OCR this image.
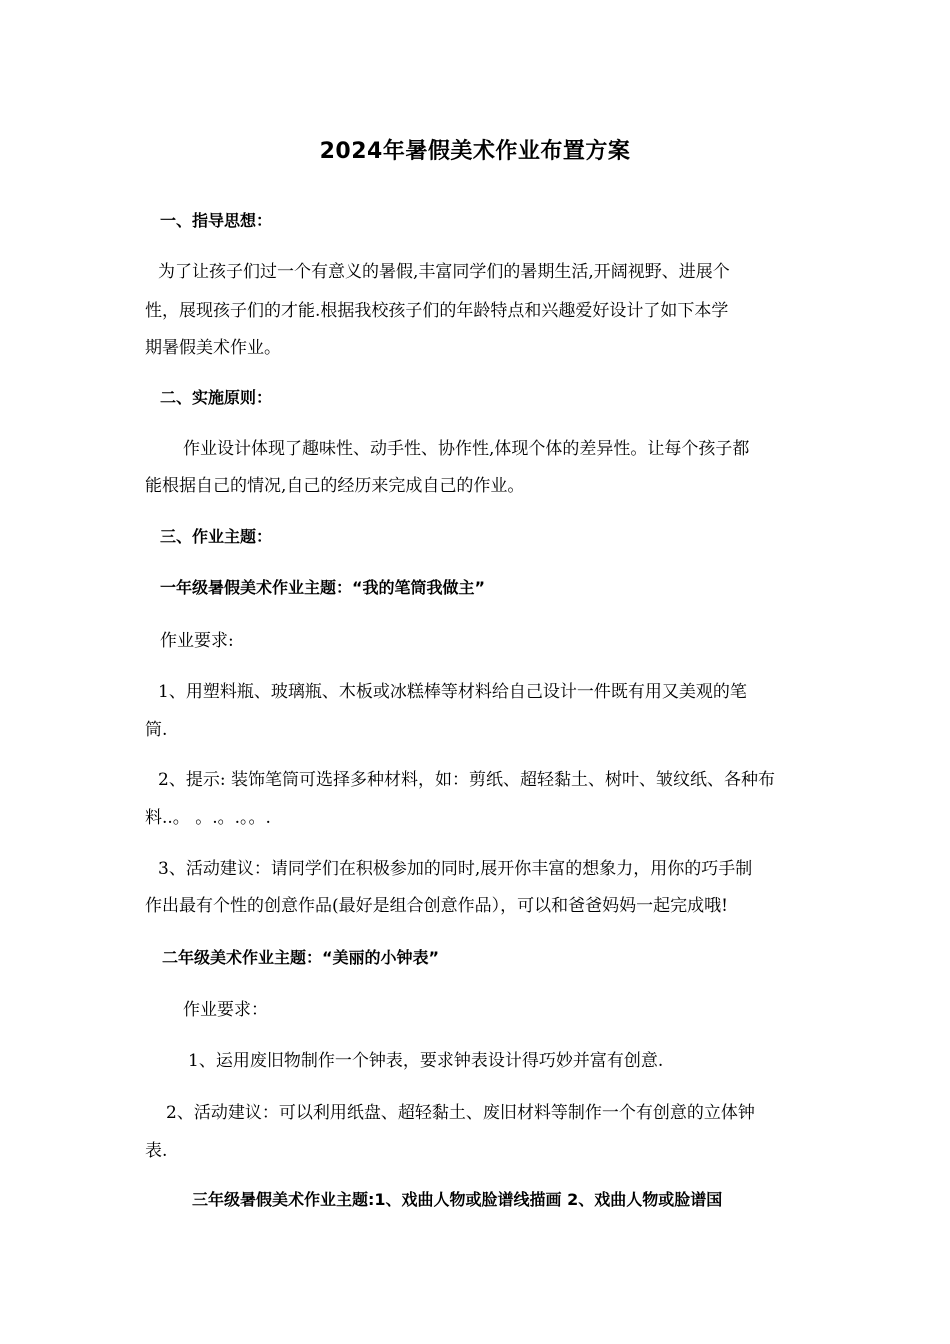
2024年暑假美术作业布置方案
一、指导思想：
为了让孩子们过一个有意义的暑假,丰富同学们的暑期生活,开阔视野、进展个
性，展现孩子们的才能.根据我校孩子们的年龄特点和兴趣爱好设计了如下本学
期暑假美术作业。
二、实施原则：
作业设计体现了趣味性、动手性、协作性,体现个体的差异性。让每个孩子都
能根据自己的情况,自己的经历来完成自己的作业。
三、作业主题：
一年级暑假美术作业主题：“我的笔筒我做主”
作业要求:
1、用塑料瓶、玻璃瓶、木板或冰糕棒等材料给自己设计一件既有用又美观的笔
筒.
2、提示: 装饰笔筒可选择多种材料，如：剪纸、超轻黏土、树叶、皱纹纸、各种布
料..。 。.。.。。.
3、活动建议：请同学们在积极参加的同时,展开你丰富的想象力，用你的巧手制
作出最有个性的创意作品(最好是组合创意作品），可以和爸爸妈妈一起完成哦!
二年级美术作业主题：“美丽的小钟表”
作业要求：
1、运用废旧物制作一个钟表，要求钟表设计得巧妙并富有创意.
2、活动建议：可以利用纸盘、超轻黏土、废旧材料等制作一个有创意的立体钟
表.
三年级暑假美术作业主题:1、戏曲人物或脸谱线描画 2、戏曲人物或脸谱国
